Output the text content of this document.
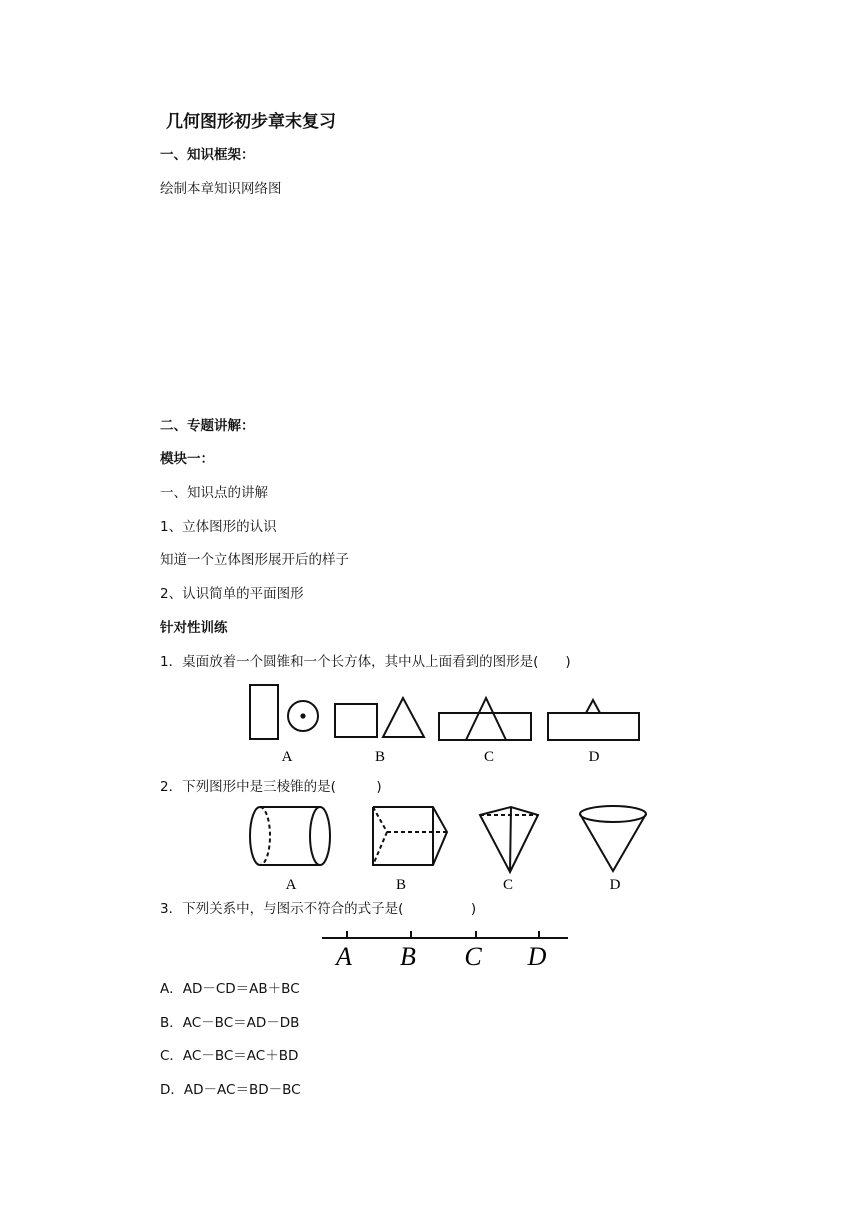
几何图形初步章末复习
一、知识框架：
绘制本章知识网络图
二、专题讲解：
模块一：
一、知识点的讲解
1、立体图形的认识
知道一个立体图形展开后的样子
2、认识简单的平面图形
针对性训练
1．桌面放着一个圆锥和一个长方体，其中从上面看到的图形是(　　)
A	B	C	D
2．下列图形中是三棱锥的是(　　　)
A	B	C	D
3．下列关系中，与图示不符合的式子是(　　　　　)
A B C D
A．AD－CD＝AB＋BC
B．AC－BC＝AD－DB
C．AC－BC＝AC＋BD
D．AD－AC＝BD－BC
